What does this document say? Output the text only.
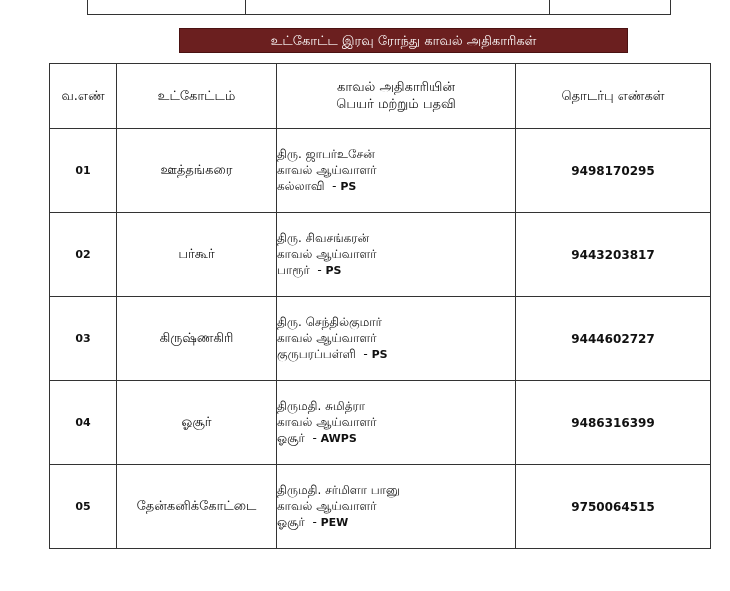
உட்கோட்ட இரவு ரோந்து காவல் அதிகாரிகள்
வ.எண்	உட்கோட்டம்	காவல் அதிகாரியின்
பெயர் மற்றும் பதவி	தொடர்பு எண்கள்
01	ஊத்தங்கரை	திரு. ஜாபர்உசேன்
காவல் ஆய்வாளர்
கல்லாவி  - PS	9498170295
02	பர்கூர்	திரு. சிவசங்கரன்
காவல் ஆய்வாளர்
பாரூர்  - PS	9443203817
03	கிருஷ்ணகிரி	திரு. செந்தில்குமார்
காவல் ஆய்வாளர்
குருபரப்பள்ளி  - PS	9444602727
04	ஓசூர்	திருமதி. சுமித்ரா
காவல் ஆய்வாளர்
ஓசூர்  - AWPS	9486316399
05	தேன்கனிக்கோட்டை	திருமதி. சர்மிளா பானு
காவல் ஆய்வாளர்
ஓசூர்  - PEW	9750064515
